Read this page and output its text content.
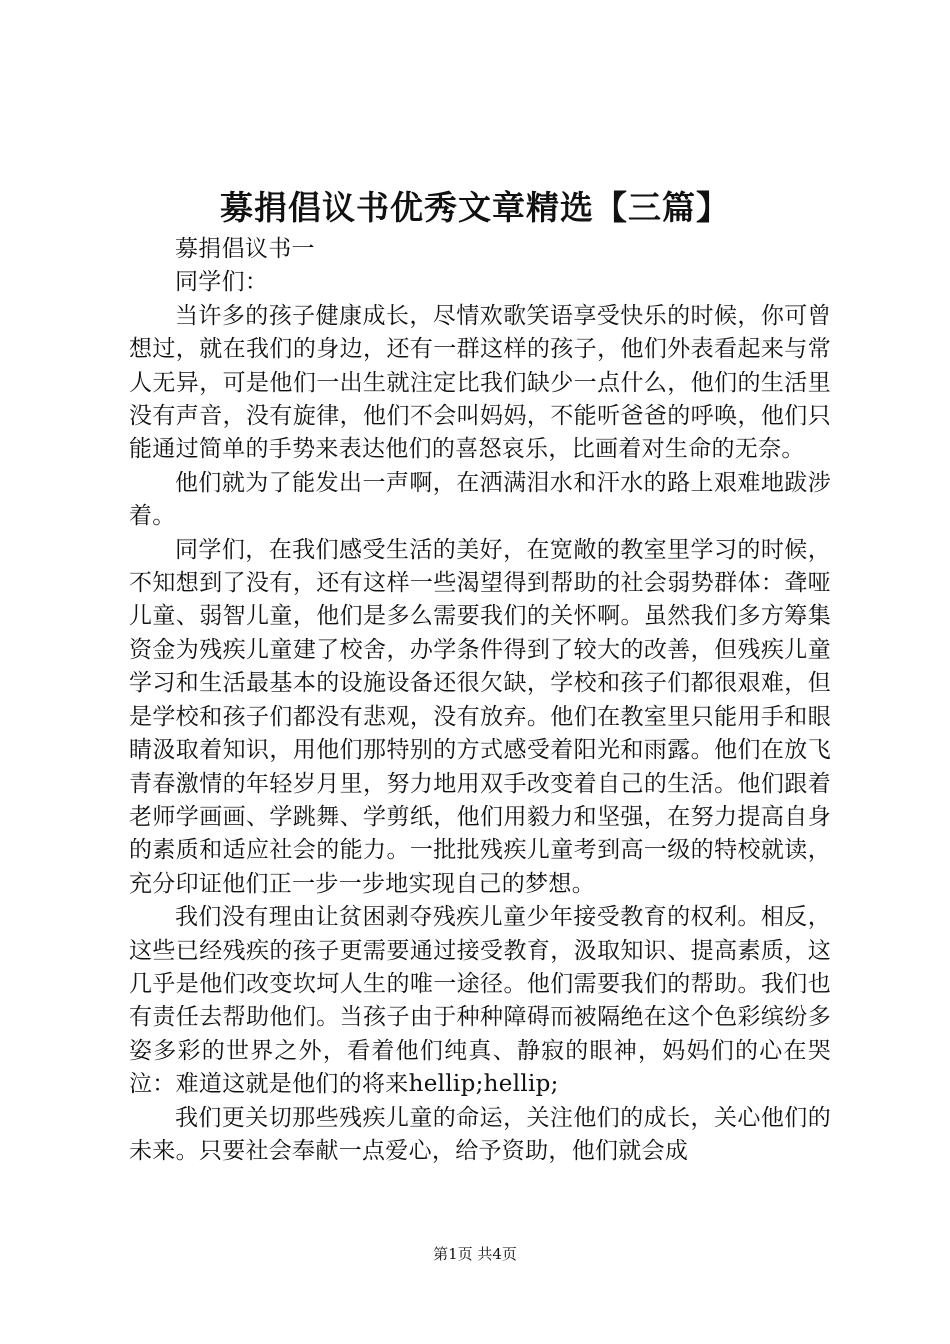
募捐倡议书优秀文章精选【三篇】

募捐倡议书一

同学们：

当许多的孩子健康成长，尽情欢歌笑语享受快乐的时候，你可曾想过，就在我们的身边，还有一群这样的孩子，他们外表看起来与常人无异，可是他们一出生就注定比我们缺少一点什么，他们的生活里没有声音，没有旋律，他们不会叫妈妈，不能听爸爸的呼唤，他们只能通过简单的手势来表达他们的喜怒哀乐，比画着对生命的无奈。

他们就为了能发出一声啊，在洒满泪水和汗水的路上艰难地跋涉着。

同学们，在我们感受生活的美好，在宽敞的教室里学习的时候，不知想到了没有，还有这样一些渴望得到帮助的社会弱势群体：聋哑儿童、弱智儿童，他们是多么需要我们的关怀啊。虽然我们多方筹集资金为残疾儿童建了校舍，办学条件得到了较大的改善，但残疾儿童学习和生活最基本的设施设备还很欠缺，学校和孩子们都很艰难，但是学校和孩子们都没有悲观，没有放弃。他们在教室里只能用手和眼睛汲取着知识，用他们那特别的方式感受着阳光和雨露。他们在放飞青春激情的年轻岁月里，努力地用双手改变着自己的生活。他们跟着老师学画画、学跳舞、学剪纸，他们用毅力和坚强，在努力提高自身的素质和适应社会的能力。一批批残疾儿童考到高一级的特校就读，充分印证他们正一步一步地实现自己的梦想。

我们没有理由让贫困剥夺残疾儿童少年接受教育的权利。相反，这些已经残疾的孩子更需要通过接受教育，汲取知识、提高素质，这几乎是他们改变坎坷人生的唯一途径。他们需要我们的帮助。我们也有责任去帮助他们。当孩子由于种种障碍而被隔绝在这个色彩缤纷多姿多彩的世界之外，看着他们纯真、静寂的眼神，妈妈们的心在哭泣：难道这就是他们的将来hellip;hellip;

我们更关切那些残疾儿童的命运，关注他们的成长，关心他们的未来。只要社会奉献一点爱心，给予资助，他们就会成

第1页 共4页
